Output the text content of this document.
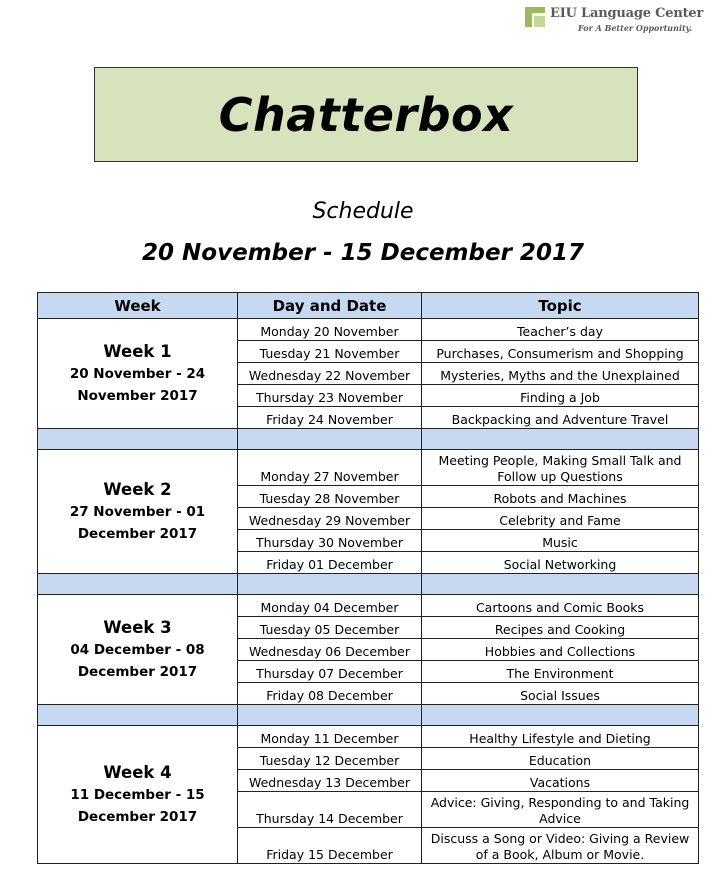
EIU Language Center
For A Better Opportunity.
Chatterbox
Schedule
20 November - 15 December 2017
Week	Day and Date	Topic

Week 1
20 November - 24 November 2017	Monday 20 November	Teacher’s day
	Tuesday 21 November	Purchases, Consumerism and Shopping
	Wednesday 22 November	Mysteries, Myths and the Unexplained
	Thursday 23 November	Finding a Job
	Friday 24 November	Backpacking and Adventure Travel

Week 2
27 November - 01 December 2017	Monday 27 November	Meeting People, Making Small Talk and Follow up Questions
	Tuesday 28 November	Robots and Machines
	Wednesday 29 November	Celebrity and Fame
	Thursday 30 November	Music
	Friday 01 December	Social Networking

Week 3
04 December - 08 December 2017	Monday 04 December	Cartoons and Comic Books
	Tuesday 05 December	Recipes and Cooking
	Wednesday 06 December	Hobbies and Collections
	Thursday 07 December	The Environment
	Friday 08 December	Social Issues

Week 4
11 December - 15 December 2017	Monday 11 December	Healthy Lifestyle and Dieting
	Tuesday 12 December	Education
	Wednesday 13 December	Vacations
	Thursday 14 December	Advice: Giving, Responding to and Taking Advice
	Friday 15 December	Discuss a Song or Video: Giving a Review of a Book, Album or Movie.
